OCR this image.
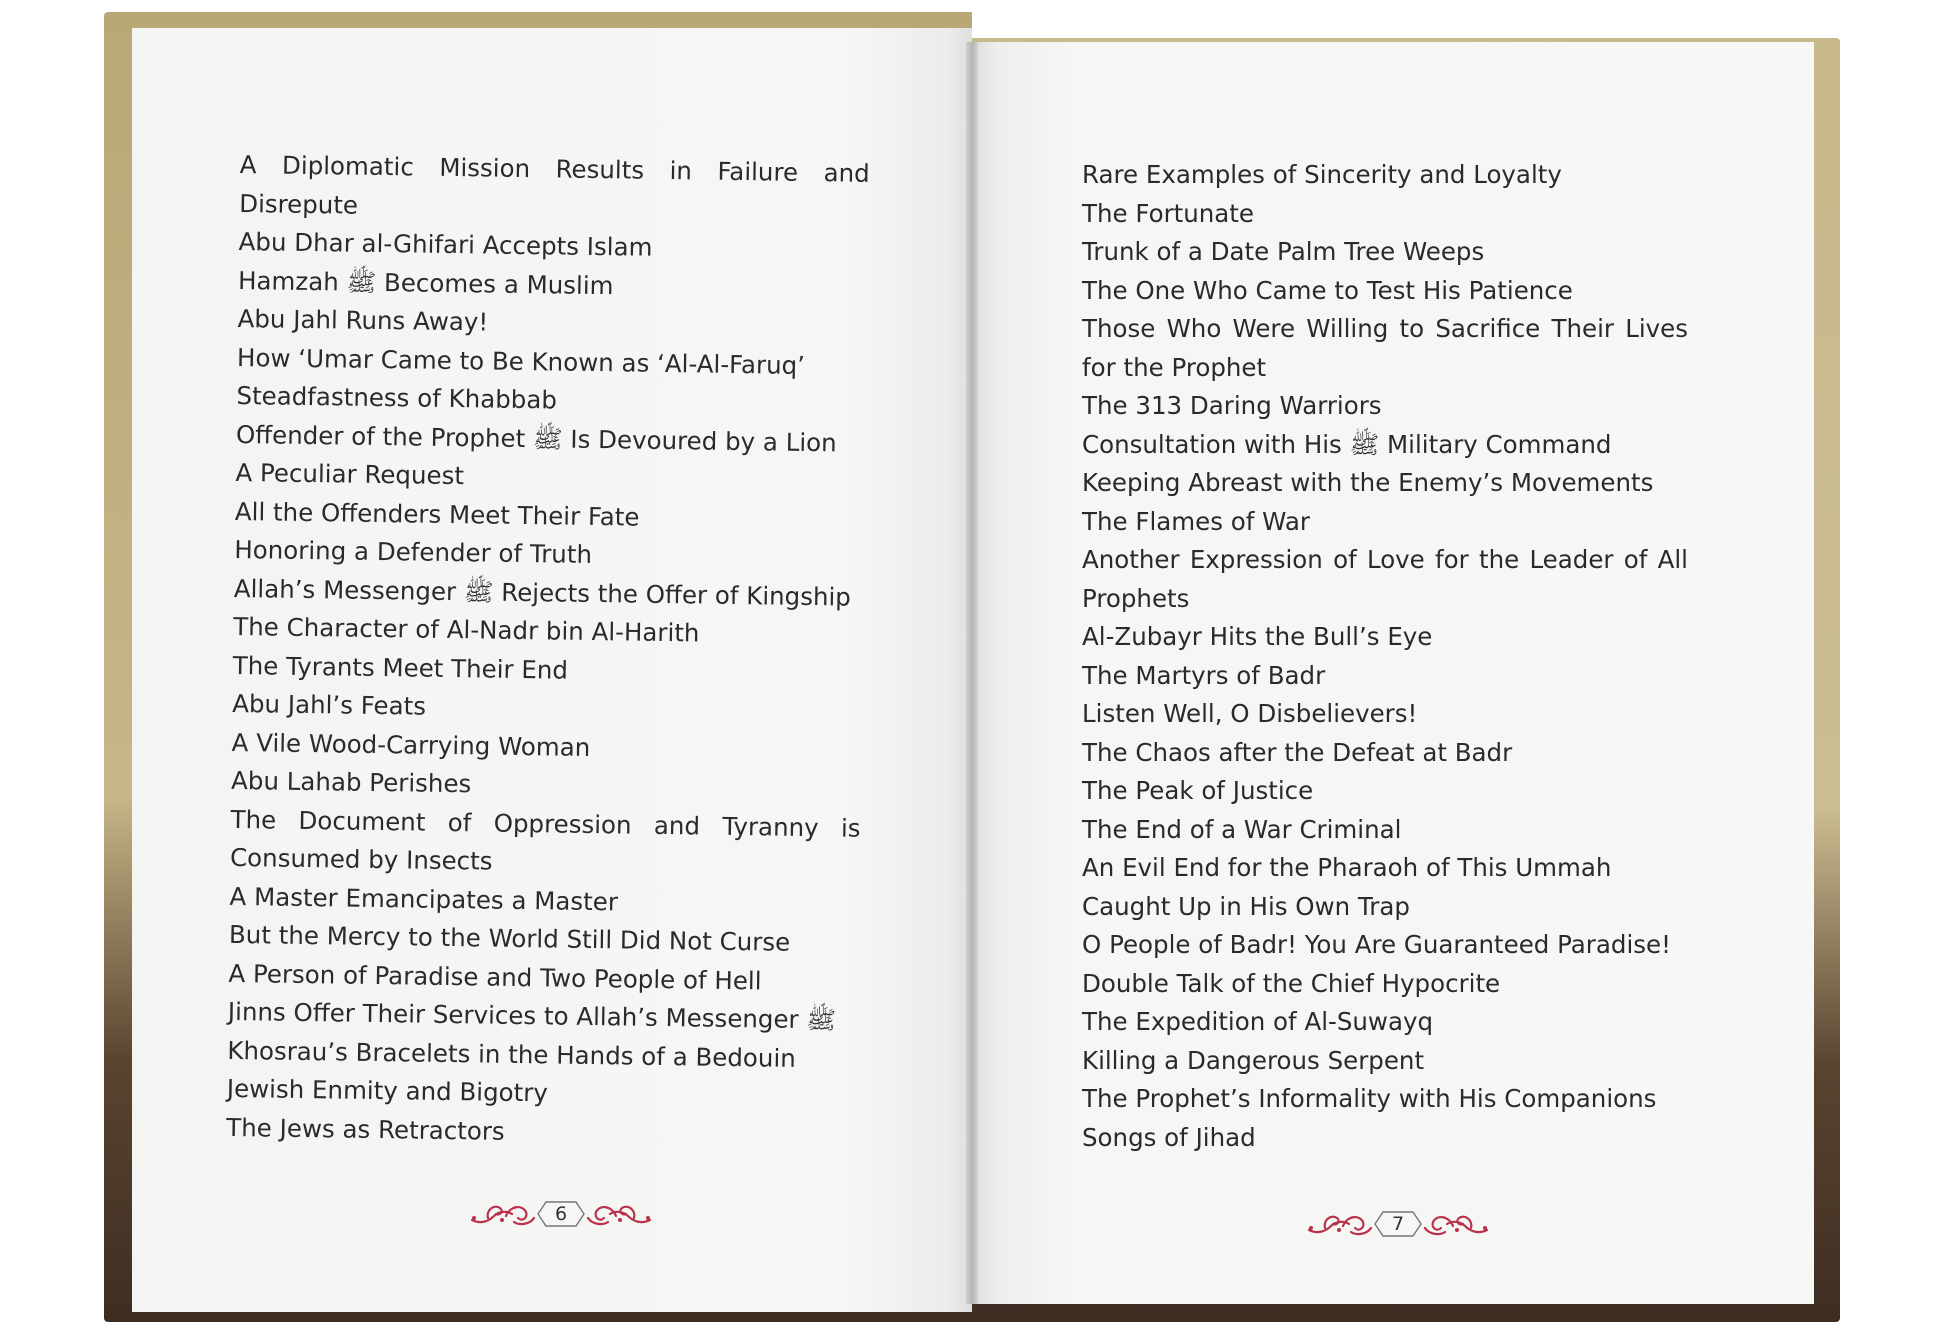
A Diplomatic Mission Results in Failure and Disrepute
Abu Dhar al-Ghifari Accepts Islam
Hamzah ﷺ Becomes a Muslim
Abu Jahl Runs Away!
How ‘Umar Came to Be Known as ‘Al-Al-Faruq’
Steadfastness of Khabbab
Offender of the Prophet ﷺ Is Devoured by a Lion
A Peculiar Request
All the Offenders Meet Their Fate
Honoring a Defender of Truth
Allah’s Messenger ﷺ Rejects the Offer of Kingship
The Character of Al-Nadr bin Al-Harith
The Tyrants Meet Their End
Abu Jahl’s Feats
A Vile Wood-Carrying Woman
Abu Lahab Perishes
The Document of Oppression and Tyranny is Consumed by Insects
A Master Emancipates a Master
But the Mercy to the World Still Did Not Curse
A Person of Paradise and Two People of Hell
Jinns Offer Their Services to Allah’s Messenger ﷺ
Khosrau’s Bracelets in the Hands of a Bedouin
Jewish Enmity and Bigotry
The Jews as Retractors
Rare Examples of Sincerity and Loyalty
The Fortunate
Trunk of a Date Palm Tree Weeps
The One Who Came to Test His Patience
Those Who Were Willing to Sacrifice Their Lives for the Prophet
The 313 Daring Warriors
Consultation with His ﷺ Military Command
Keeping Abreast with the Enemy’s Movements
The Flames of War
Another Expression of Love for the Leader of All Prophets
Al-Zubayr Hits the Bull’s Eye
The Martyrs of Badr
Listen Well, O Disbelievers!
The Chaos after the Defeat at Badr
The Peak of Justice
The End of a War Criminal
An Evil End for the Pharaoh of This Ummah
Caught Up in His Own Trap
O People of Badr! You Are Guaranteed Paradise!
Double Talk of the Chief Hypocrite
The Expedition of Al-Suwayq
Killing a Dangerous Serpent
The Prophet’s Informality with His Companions
Songs of Jihad
6	7
